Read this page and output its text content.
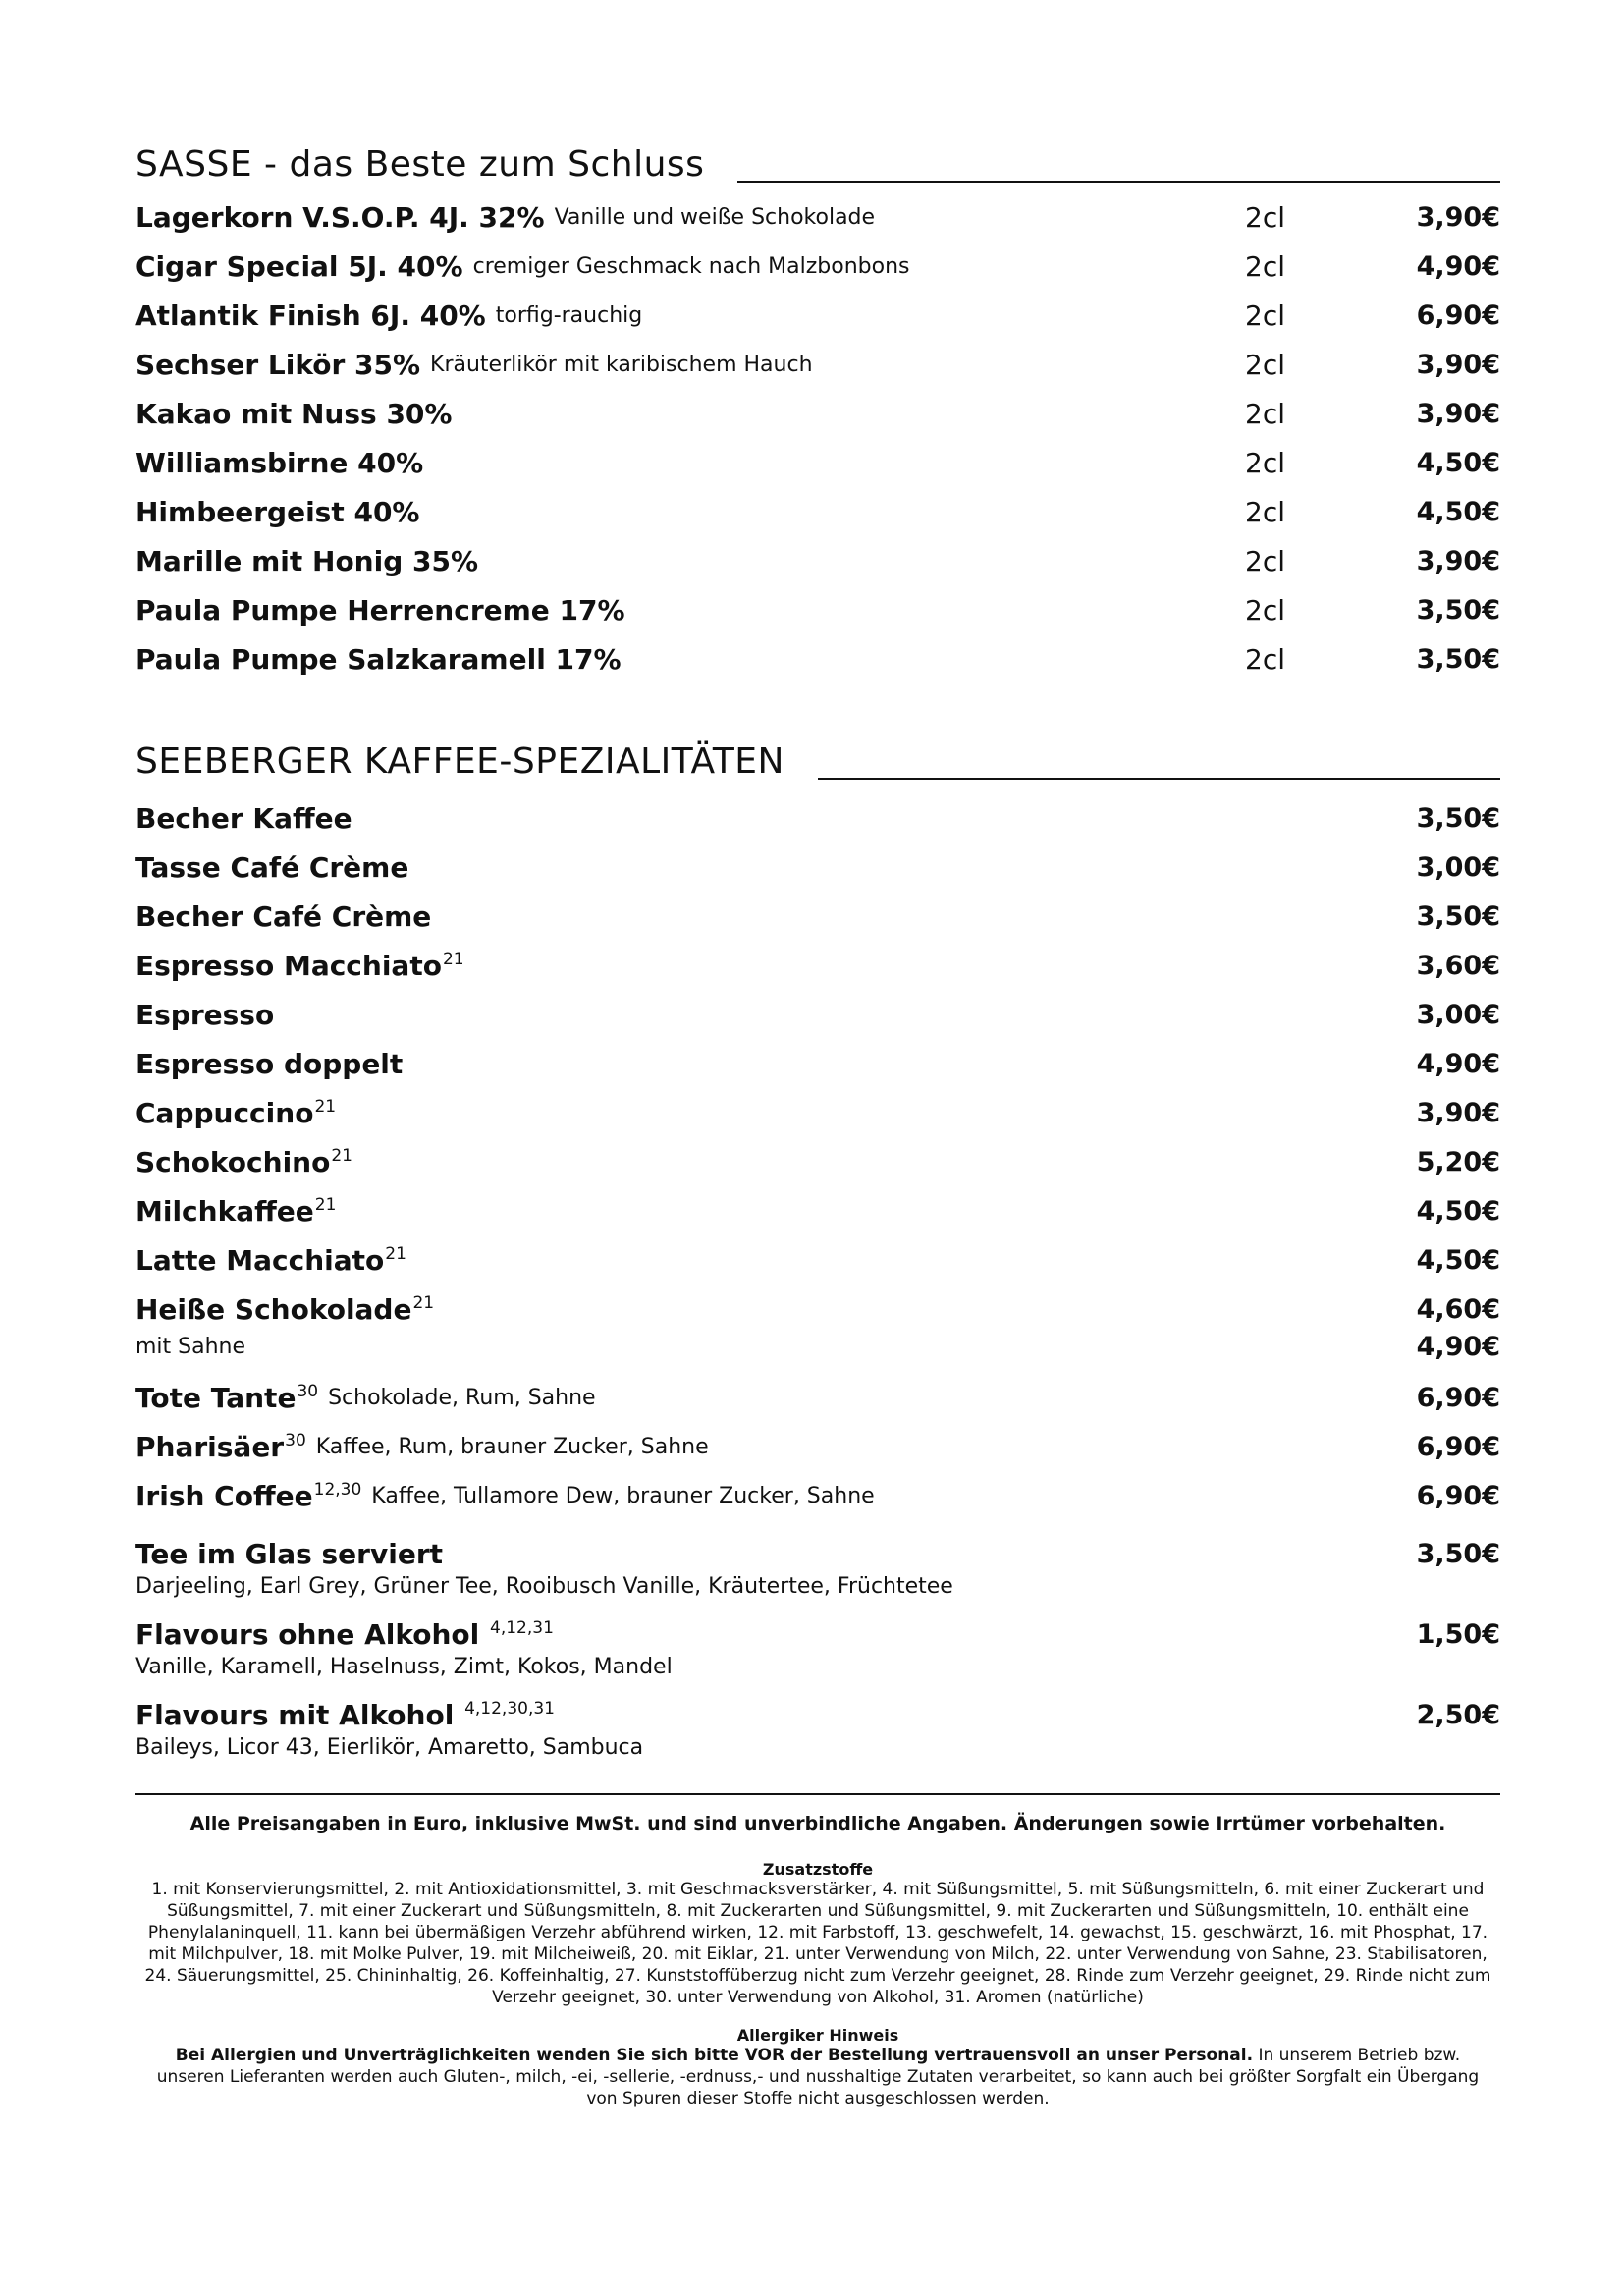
SASSE - das Beste zum Schluss
Lagerkorn V.S.O.P. 4J. 32% Vanille und weiße Schokolade	2cl	3,90€
Cigar Special 5J. 40% cremiger Geschmack nach Malzbonbons	2cl	4,90€
Atlantik Finish 6J. 40% torfig-rauchig	2cl	6,90€
Sechser Likör 35% Kräuterlikör mit karibischem Hauch	2cl	3,90€
Kakao mit Nuss 30%	2cl	3,90€
Williamsbirne 40%	2cl	4,50€
Himbeergeist 40%	2cl	4,50€
Marille mit Honig 35%	2cl	3,90€
Paula Pumpe Herrencreme 17%	2cl	3,50€
Paula Pumpe Salzkaramell 17%	2cl	3,50€
SEEBERGER KAFFEE-SPEZIALITÄTEN
Becher Kaffee	3,50€
Tasse Café Crème	3,00€
Becher Café Crème	3,50€
Espresso Macchiato$^{21}$	3,60€
Espresso	3,00€
Espresso doppelt	4,90€
Cappuccino$^{21}$	3,90€
Schokochino$^{21}$	5,20€
Milchkaffee$^{21}$	4,50€
Latte Macchiato$^{21}$	4,50€
Heiße Schokolade$^{21}$	4,60€
mit Sahne	4,90€
Tote Tante$^{30}$ Schokolade, Rum, Sahne	6,90€
Pharisäer$^{30}$ Kaffee, Rum, brauner Zucker, Sahne	6,90€
Irish Coffee$^{12,30}$ Kaffee, Tullamore Dew, brauner Zucker, Sahne	6,90€
Tee im Glas serviert	3,50€
Darjeeling, Earl Grey, Grüner Tee, Rooibusch Vanille, Kräutertee, Früchtetee
Flavours ohne Alkohol $^{4,12,31}$	1,50€
Vanille, Karamell, Haselnuss, Zimt, Kokos, Mandel
Flavours mit Alkohol $^{4,12,30,31}$	2,50€
Baileys, Licor 43, Eierlikör, Amaretto, Sambuca
Alle Preisangaben in Euro, inklusive MwSt. und sind unverbindliche Angaben. Änderungen sowie Irrtümer vorbehalten.
Zusatzstoffe
1. mit Konservierungsmittel, 2. mit Antioxidationsmittel, 3. mit Geschmacksverstärker, 4. mit Süßungsmittel, 5. mit Süßungsmitteln, 6. mit einer Zuckerart und Süßungsmittel, 7. mit einer Zuckerart und Süßungsmitteln, 8. mit Zuckerarten und Süßungsmittel, 9. mit Zuckerarten und Süßungsmitteln, 10. enthält eine Phenylalaninquell, 11. kann bei übermäßigen Verzehr abführend wirken, 12. mit Farbstoff, 13. geschwefelt, 14. gewachst, 15. geschwärzt, 16. mit Phosphat, 17. mit Milchpulver, 18. mit Molke Pulver, 19. mit Milcheiweiß, 20. mit Eiklar, 21. unter Verwendung von Milch, 22. unter Verwendung von Sahne, 23. Stabilisatoren, 24. Säuerungsmittel, 25. Chininhaltig, 26. Koffeinhaltig, 27. Kunststoffüberzug nicht zum Verzehr geeignet, 28. Rinde zum Verzehr geeignet, 29. Rinde nicht zum Verzehr geeignet, 30. unter Verwendung von Alkohol, 31. Aromen (natürliche)
Allergiker Hinweis
Bei Allergien und Unverträglichkeiten wenden Sie sich bitte VOR der Bestellung vertrauensvoll an unser Personal. In unserem Betrieb bzw. unseren Lieferanten werden auch Gluten-, milch, -ei, -sellerie, -erdnuss,- und nusshaltige Zutaten verarbeitet, so kann auch bei größter Sorgfalt ein Übergang von Spuren dieser Stoffe nicht ausgeschlossen werden.
